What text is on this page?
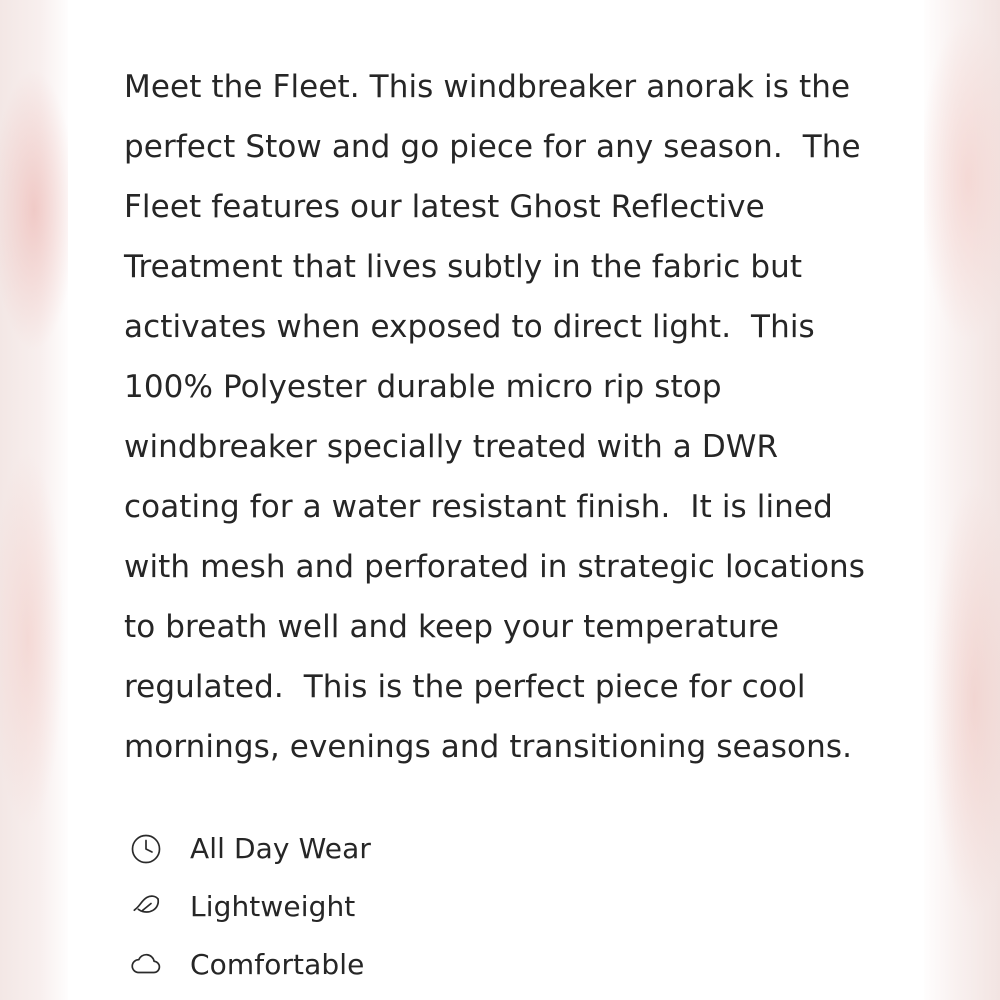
Meet the Fleet. This windbreaker anorak is the perfect Stow and go piece for any season.  The Fleet features our latest Ghost Reflective Treatment that lives subtly in the fabric but activates when exposed to direct light.  This 100% Polyester durable micro rip stop windbreaker specially treated with a DWR coating for a water resistant finish.  It is lined with mesh and perforated in strategic locations to breath well and keep your temperature regulated.  This is the perfect piece for cool mornings, evenings and transitioning seasons.

All Day Wear
Lightweight
Comfortable
